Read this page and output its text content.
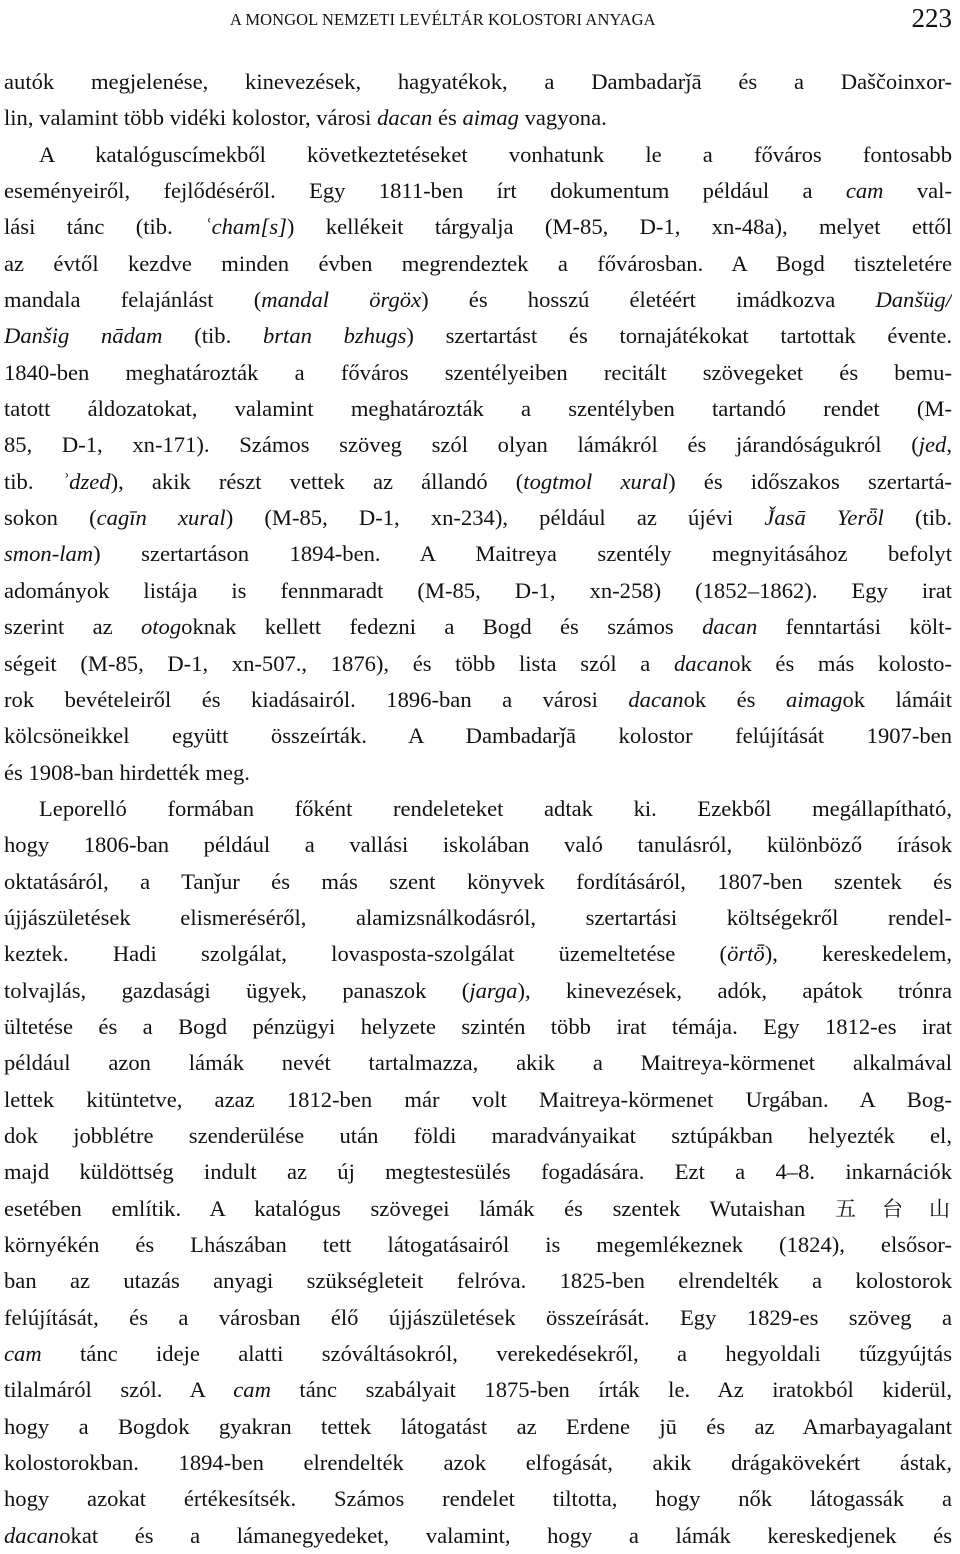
A MONGOL NEMZETI LEVÉLTÁR KOLOSTORI ANYAGA	223
autók megjelenése, kinevezések, hagyatékok, a Dambadarǰā és a Daščoinxor-
lin, valamint több vidéki kolostor, városi dacan és aimag vagyona.
A katalóguscímekből következtetéseket vonhatunk le a főváros fontosabb
eseményeiről, fejlődéséről. Egy 1811-ben írt dokumentum például a cam val-
lási tánc (tib. ʿcham[s]) kellékeit tárgyalja (M-85, D-1, xn-48a), melyet ettől
az évtől kezdve minden évben megrendeztek a fővárosban. A Bogd tiszteletére
mandala felajánlást (mandal örgöx) és hosszú életéért imádkozva Danšüg/
Danšig nādam (tib. brtan bzhugs) szertartást és tornajátékokat tartottak évente.
1840-ben meghatározták a főváros szentélyeiben recitált szövegeket és bemu-
tatott áldozatokat, valamint meghatározták a szentélyben tartandó rendet (M-
85, D-1, xn-171). Számos szöveg szól olyan lámákról és járandóságukról (jed,
tib. ʾdzed), akik részt vettek az állandó (togtmol xural) és időszakos szertartá-
sokon (cagīn xural) (M-85, D-1, xn-234), például az újévi J̌asā Yerȫl (tib.
smon-lam) szertartáson 1894-ben. A Maitreya szentély megnyitásához befolyt
adományok listája is fennmaradt (M-85, D-1, xn-258) (1852–1862). Egy irat
szerint az otogoknak kellett fedezni a Bogd és számos dacan fenntartási költ-
ségeit (M-85, D-1, xn-507., 1876), és több lista szól a dacanok és más kolosto-
rok bevételeiről és kiadásairól. 1896-ban a városi dacanok és aimagok lámáit
kölcsöneikkel együtt összeírták. A Dambadarǰā kolostor felújítását 1907-ben
és 1908-ban hirdették meg.
Leporelló formában főként rendeleteket adtak ki. Ezekből megállapítható,
hogy 1806-ban például a vallási iskolában való tanulásról, különböző írások
oktatásáról, a Tanǰur és más szent könyvek fordításáról, 1807-ben szentek és
újjászületések elismeréséről, alamizsnálkodásról, szertartási költségekről rendel-
keztek. Hadi szolgálat, lovasposta-szolgálat üzemeltetése (örtȫ), kereskedelem,
tolvajlás, gazdasági ügyek, panaszok (jarga), kinevezések, adók, apátok trónra
ültetése és a Bogd pénzügyi helyzete szintén több irat témája. Egy 1812-es irat
például azon lámák nevét tartalmazza, akik a Maitreya-körmenet alkalmával
lettek kitüntetve, azaz 1812-ben már volt Maitreya-körmenet Urgában. A Bog-
dok jobblétre szenderülése után földi maradványaikat sztúpákban helyezték el,
majd küldöttség indult az új megtestesülés fogadására. Ezt a 4–8. inkarnációk
esetében említik. A katalógus szövegei lámák és szentek Wutaishan 五台山
környékén és Lhászában tett látogatásairól is megemlékeznek (1824), elsősor-
ban az utazás anyagi szükségleteit felróva. 1825-ben elrendelték a kolostorok
felújítását, és a városban élő újjászületések összeírását. Egy 1829-es szöveg a
cam tánc ideje alatti szóváltásokról, verekedésekről, a hegyoldali tűzgyújtás
tilalmáról szól. A cam tánc szabályait 1875-ben írták le. Az iratokból kiderül,
hogy a Bogdok gyakran tettek látogatást az Erdene jū és az Amarbayagalant
kolostorokban. 1894-ben elrendelték azok elfogását, akik drágakövekért ástak,
hogy azokat értékesítsék. Számos rendelet tiltotta, hogy nők látogassák a
dacanokat és a lámanegyedeket, valamint, hogy a lámák kereskedjenek és
